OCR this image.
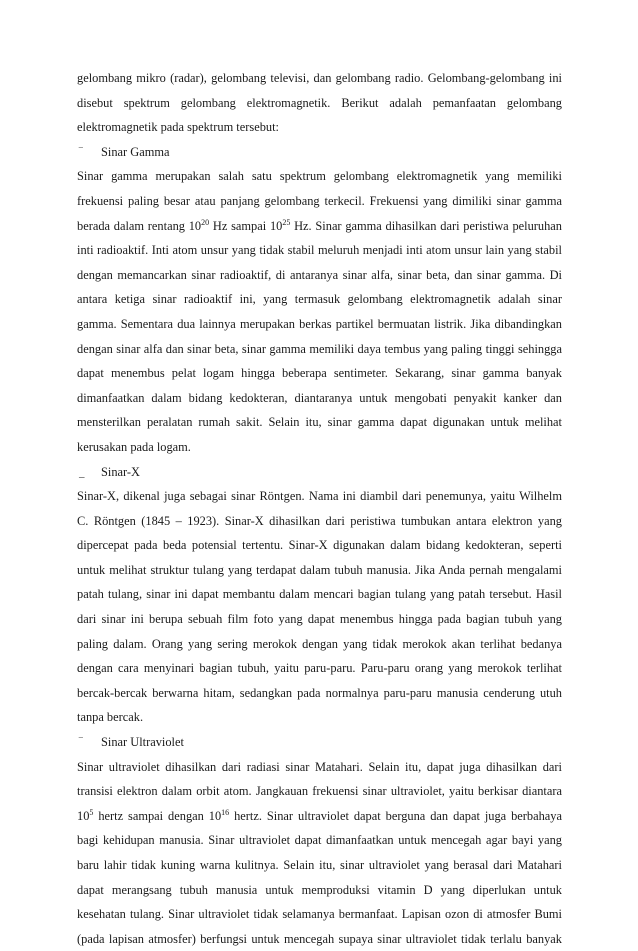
gelombang mikro (radar), gelombang televisi, dan gelombang radio. Gelombang-gelombang ini
disebut spektrum gelombang elektromagnetik. Berikut adalah pemanfaatan gelombang
elektromagnetik pada spektrum tersebut:
‾ Sinar Gamma
Sinar gamma merupakan salah satu spektrum gelombang elektromagnetik yang memiliki
frekuensi paling besar atau panjang gelombang terkecil. Frekuensi yang dimiliki sinar gamma
berada dalam rentang $10^{20}$ Hz sampai $10^{25}$ Hz. Sinar gamma dihasilkan dari peristiwa peluruhan
inti radioaktif. Inti atom unsur yang tidak stabil meluruh menjadi inti atom unsur lain yang stabil
dengan memancarkan sinar radioaktif, di antaranya sinar alfa, sinar beta, dan sinar gamma. Di
antara ketiga sinar radioaktif ini, yang termasuk gelombang elektromagnetik adalah sinar
gamma. Sementara dua lainnya merupakan berkas partikel bermuatan listrik. Jika dibandingkan
dengan sinar alfa dan sinar beta, sinar gamma memiliki daya tembus yang paling tinggi sehingga
dapat menembus pelat logam hingga beberapa sentimeter. Sekarang, sinar gamma banyak
dimanfaatkan dalam bidang kedokteran, diantaranya untuk mengobati penyakit kanker dan
mensterilkan peralatan rumah sakit. Selain itu, sinar gamma dapat digunakan untuk melihat
kerusakan pada logam.
_ Sinar-X
Sinar-X, dikenal juga sebagai sinar Röntgen. Nama ini diambil dari penemunya, yaitu Wilhelm
C. Röntgen (1845 – 1923). Sinar-X dihasilkan dari peristiwa tumbukan antara elektron yang
dipercepat pada beda potensial tertentu. Sinar-X digunakan dalam bidang kedokteran, seperti
untuk melihat struktur tulang yang terdapat dalam tubuh manusia. Jika Anda pernah mengalami
patah tulang, sinar ini dapat membantu dalam mencari bagian tulang yang patah tersebut. Hasil
dari sinar ini berupa sebuah film foto yang dapat menembus hingga pada bagian tubuh yang
paling dalam. Orang yang sering merokok dengan yang tidak merokok akan terlihat bedanya
dengan cara menyinari bagian tubuh, yaitu paru-paru. Paru-paru orang yang merokok terlihat
bercak-bercak berwarna hitam, sedangkan pada normalnya paru-paru manusia cenderung utuh
tanpa bercak.
‾ Sinar Ultraviolet
Sinar ultraviolet dihasilkan dari radiasi sinar Matahari. Selain itu, dapat juga dihasilkan dari
transisi elektron dalam orbit atom. Jangkauan frekuensi sinar ultraviolet, yaitu berkisar diantara
$10^5$ hertz sampai dengan $10^{16}$ hertz. Sinar ultraviolet dapat berguna dan dapat juga berbahaya
bagi kehidupan manusia. Sinar ultraviolet dapat dimanfaatkan untuk mencegah agar bayi yang
baru lahir tidak kuning warna kulitnya. Selain itu, sinar ultraviolet yang berasal dari Matahari
dapat merangsang tubuh manusia untuk memproduksi vitamin D yang diperlukan untuk
kesehatan tulang. Sinar ultraviolet tidak selamanya bermanfaat. Lapisan ozon di atmosfer Bumi
(pada lapisan atmosfer) berfungsi untuk mencegah supaya sinar ultraviolet tidak terlalu banyak
